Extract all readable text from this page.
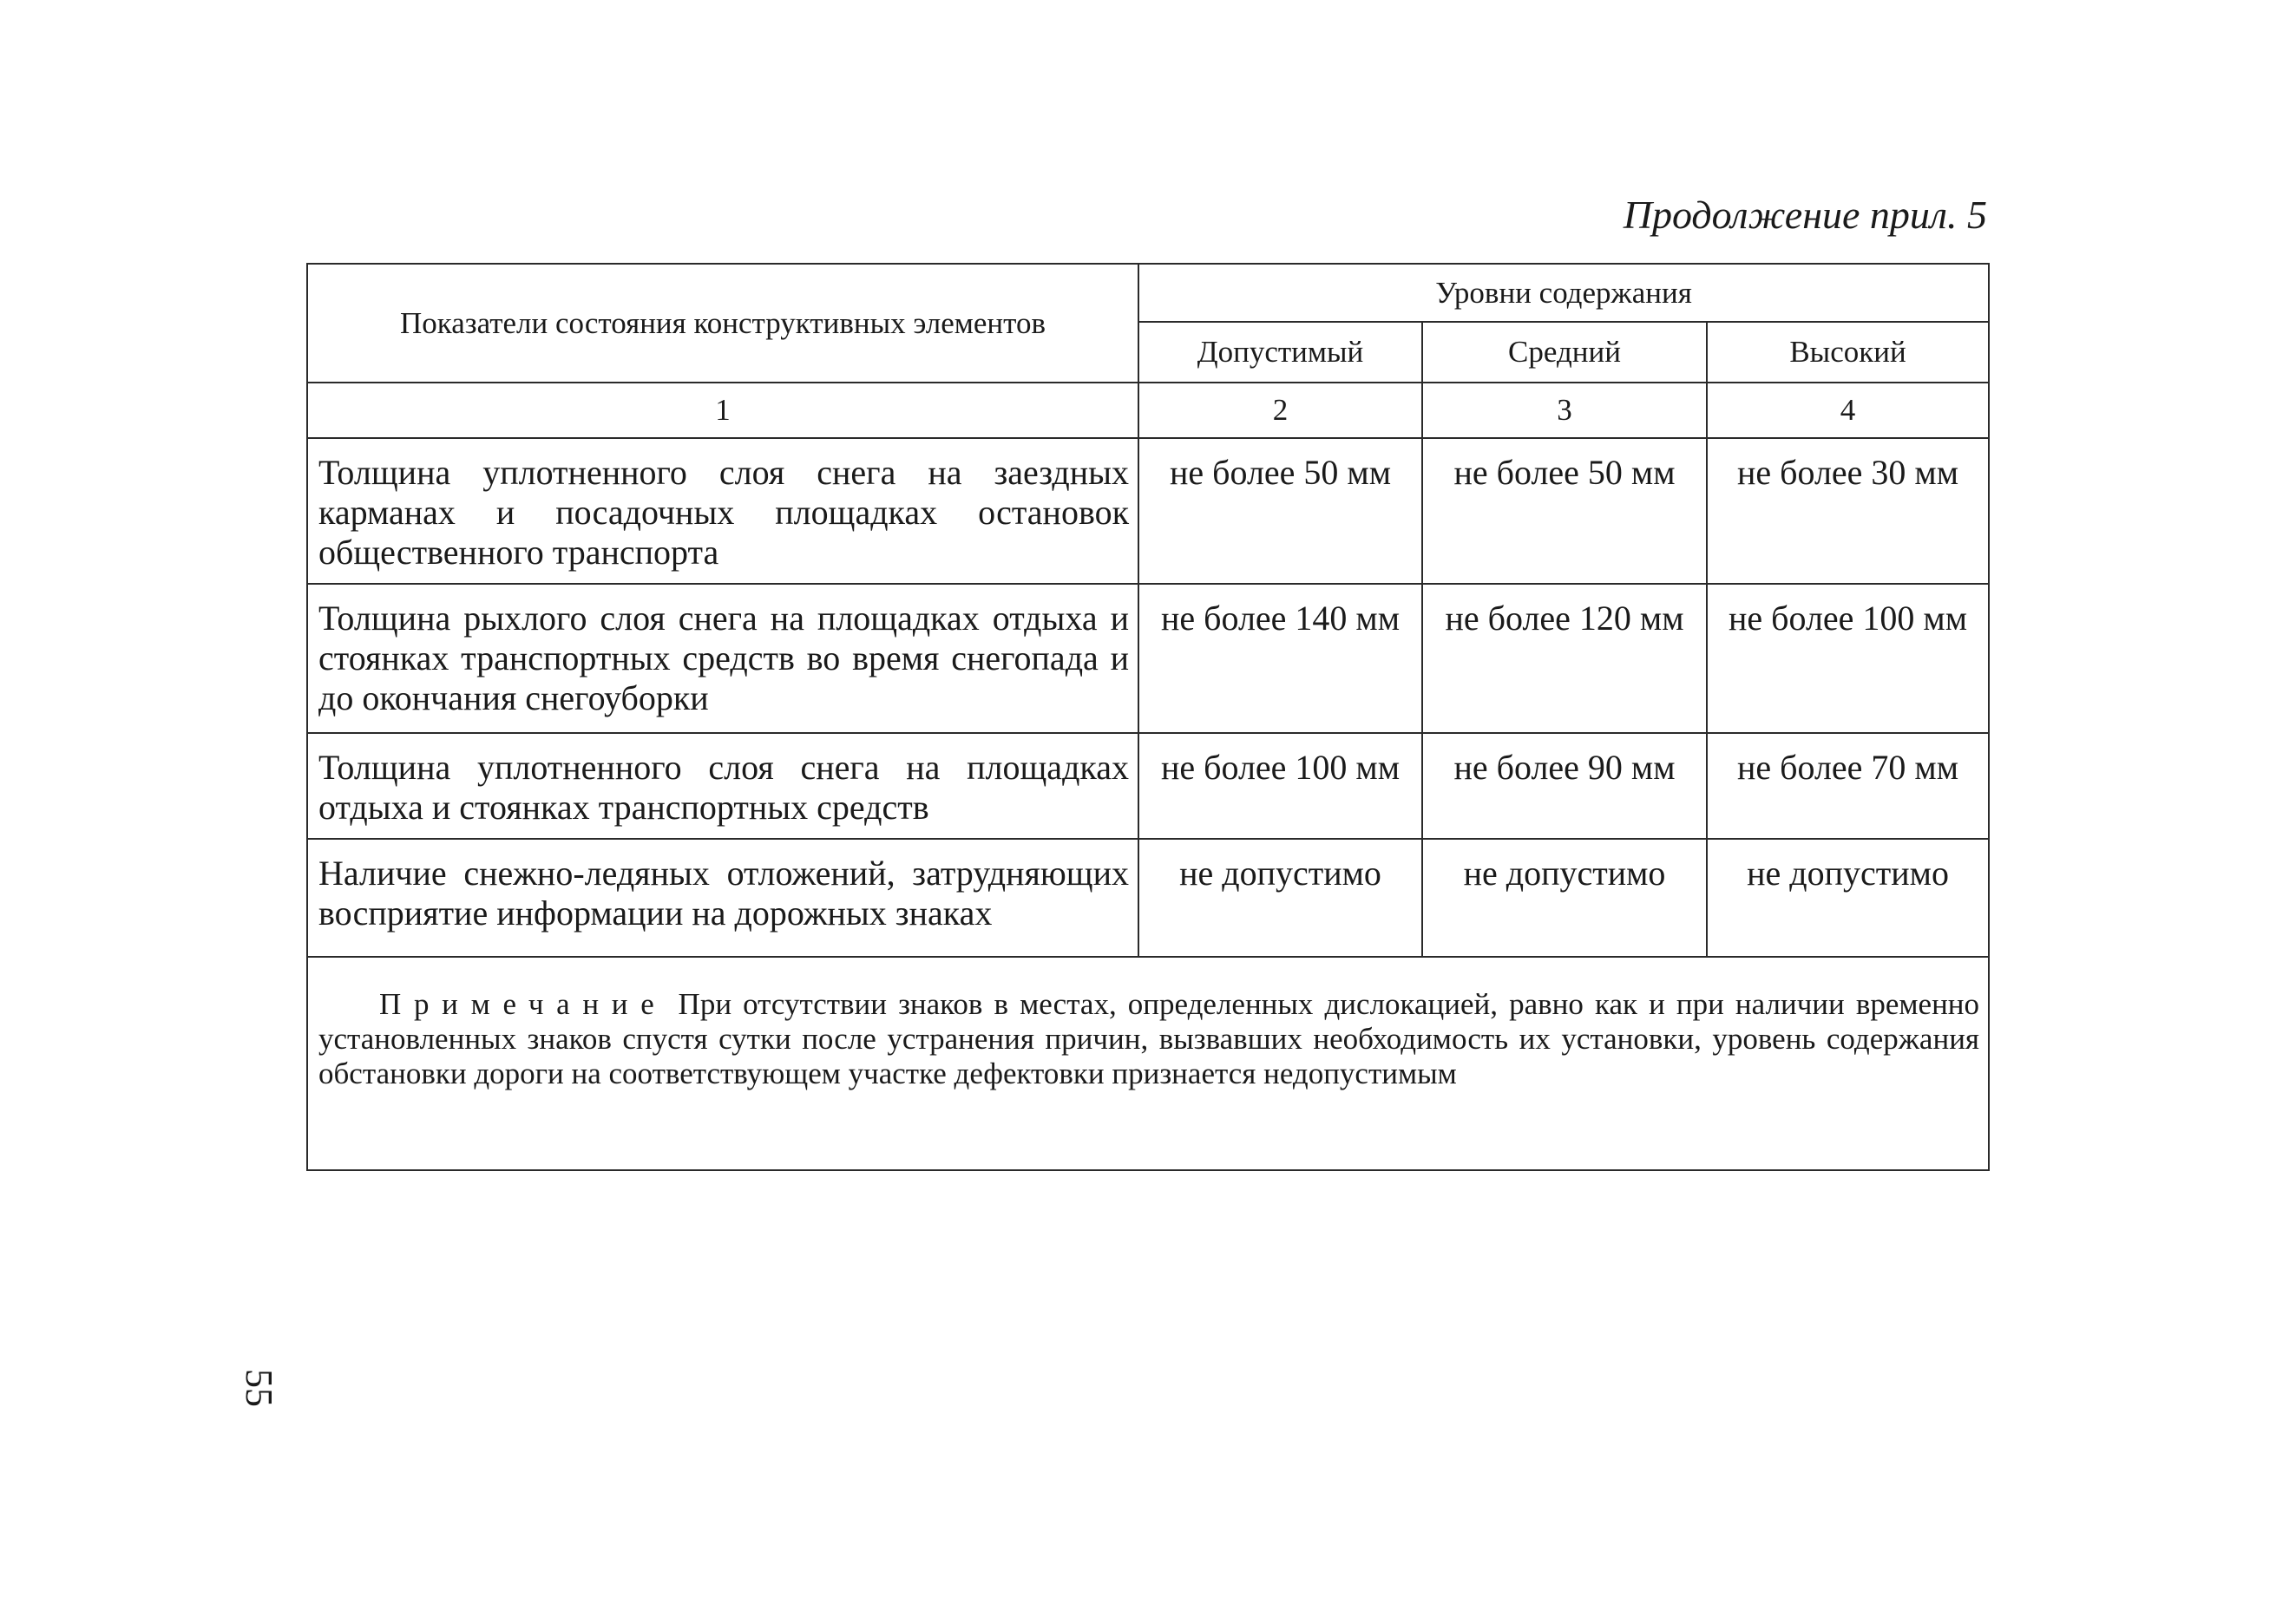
Продолжение прил. 5
Показатели состояния конструктивных элементов	Уровни содержания		
	Допустимый	Средний	Высокий
1	2	3	4
Толщина уплотненного слоя снега на заездных карманах и посадочных площадках остановок общественного транспорта	не более 50 мм	не более 50 мм	не более 30 мм
Толщина рыхлого слоя снега на площадках отдыха и стоянках транспортных средств во время снегопада и до окончания снегоуборки	не более 140 мм	не более 120 мм	не более 100 мм
Толщина уплотненного слоя снега на площадках отдыха и стоянках транспортных средств	не более 100 мм	не более 90 мм	не более 70 мм
Наличие снежно-ледяных отложений, затрудняющих восприятие информации на дорожных знаках	не допустимо	не допустимо	не допустимо
Примечание При отсутствии знаков в местах, определенных дислокацией, равно как и при наличии временно установленных знаков спустя сутки после устранения причин, вызвавших необходимость их установки, уровень содержания обстановки дороги на соответствующем участке дефектовки признается недопустимым			
55
